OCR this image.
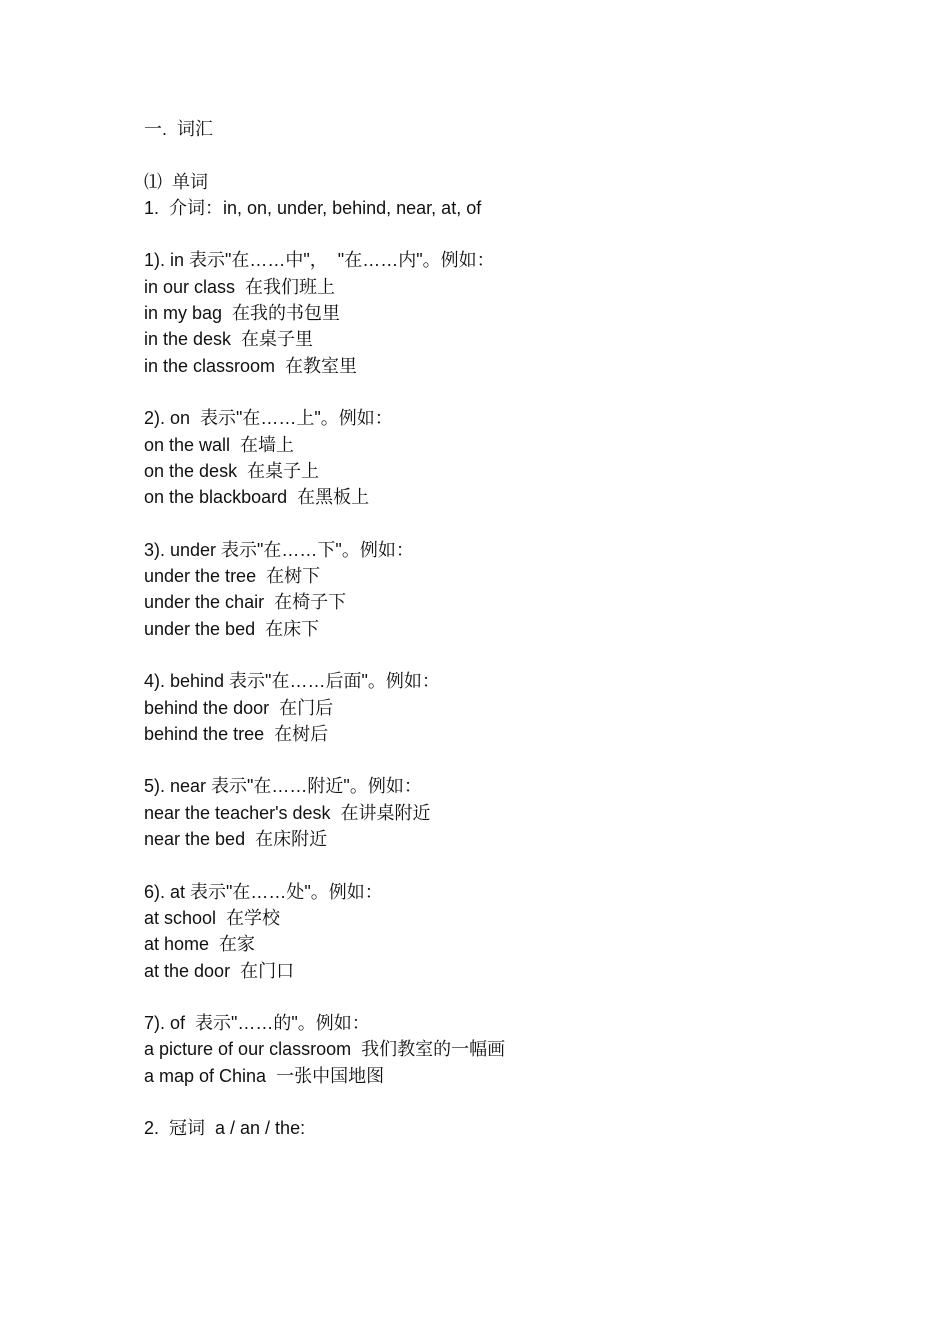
一.  词汇
⑴  单词
1.  介词：in, on, under, behind, near, at, of
1). in 表示"在……中"，  "在……内"。例如：
in our class  在我们班上
in my bag  在我的书包里
in the desk  在桌子里
in the classroom  在教室里
2). on  表示"在……上"。例如：
on the wall  在墙上
on the desk  在桌子上
on the blackboard  在黑板上
3). under 表示"在……下"。例如：
under the tree  在树下
under the chair  在椅子下
under the bed  在床下
4). behind 表示"在……后面"。例如：
behind the door  在门后
behind the tree  在树后
5). near 表示"在……附近"。例如：
near the teacher's desk  在讲桌附近
near the bed  在床附近
6). at 表示"在……处"。例如：
at school  在学校
at home  在家
at the door  在门口
7). of  表示"……的"。例如：
a picture of our classroom  我们教室的一幅画
a map of China  一张中国地图
2.  冠词  a / an / the:
